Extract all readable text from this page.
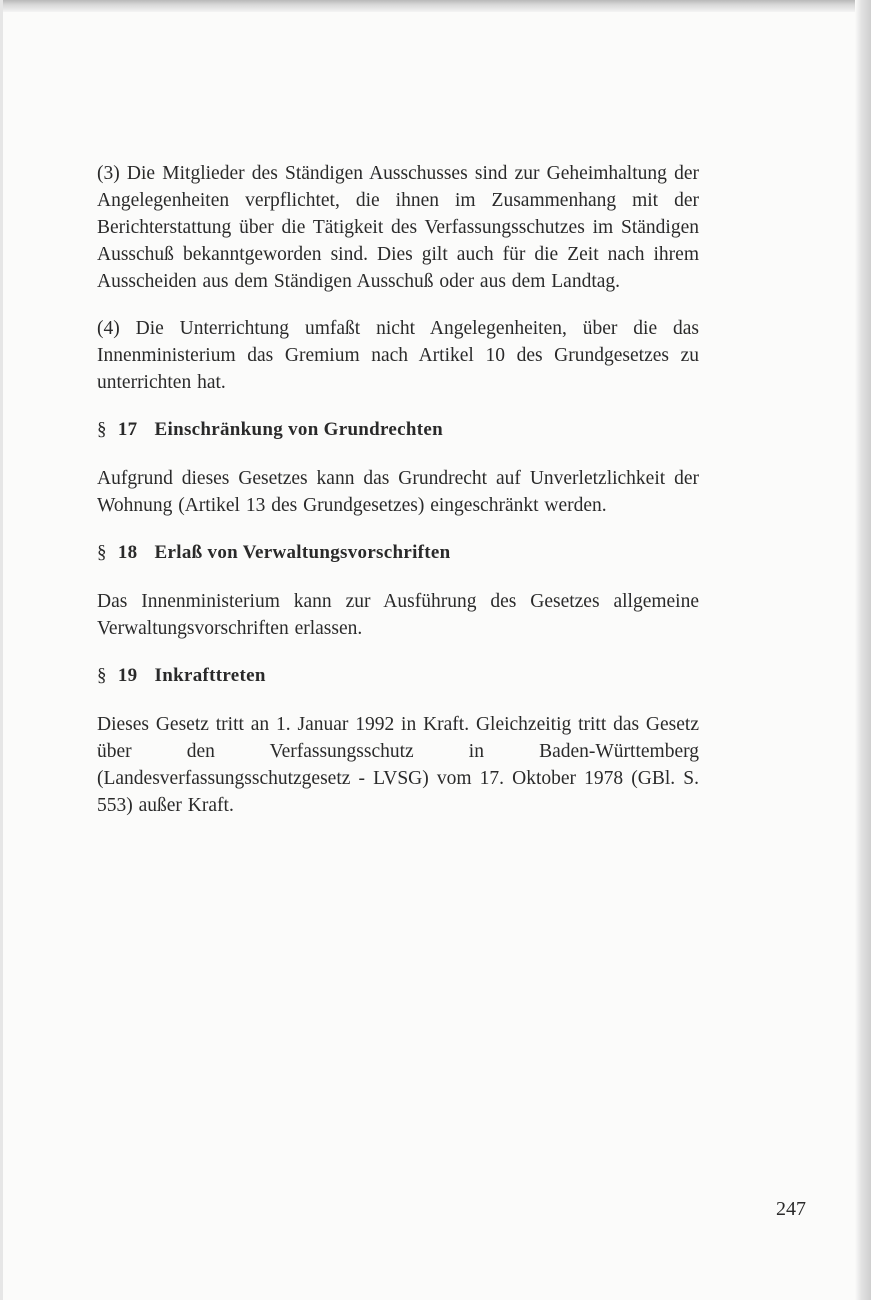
(3) Die Mitglieder des Ständigen Ausschusses sind zur Geheimhaltung der Angelegenheiten verpflichtet, die ihnen im Zusammenhang mit der Berichterstattung über die Tätigkeit des Verfassungsschutzes im Ständigen Ausschuß bekanntgeworden sind. Dies gilt auch für die Zeit nach ihrem Ausscheiden aus dem Ständigen Ausschuß oder aus dem Landtag.

(4) Die Unterrichtung umfaßt nicht Angelegenheiten, über die das Innenministerium das Gremium nach Artikel 10 des Grundgesetzes zu unterrichten hat.

§ 17 Einschränkung von Grundrechten

Aufgrund dieses Gesetzes kann das Grundrecht auf Unverletzlichkeit der Wohnung (Artikel 13 des Grundgesetzes) eingeschränkt werden.

§ 18 Erlaß von Verwaltungsvorschriften

Das Innenministerium kann zur Ausführung des Gesetzes allgemeine Verwaltungsvorschriften erlassen.

§ 19 Inkrafttreten

Dieses Gesetz tritt an 1. Januar 1992 in Kraft. Gleichzeitig tritt das Gesetz über den Verfassungsschutz in Baden-Württemberg (Landesverfassungsschutzgesetz - LVSG) vom 17. Oktober 1978 (GBl. S. 553) außer Kraft.

247
